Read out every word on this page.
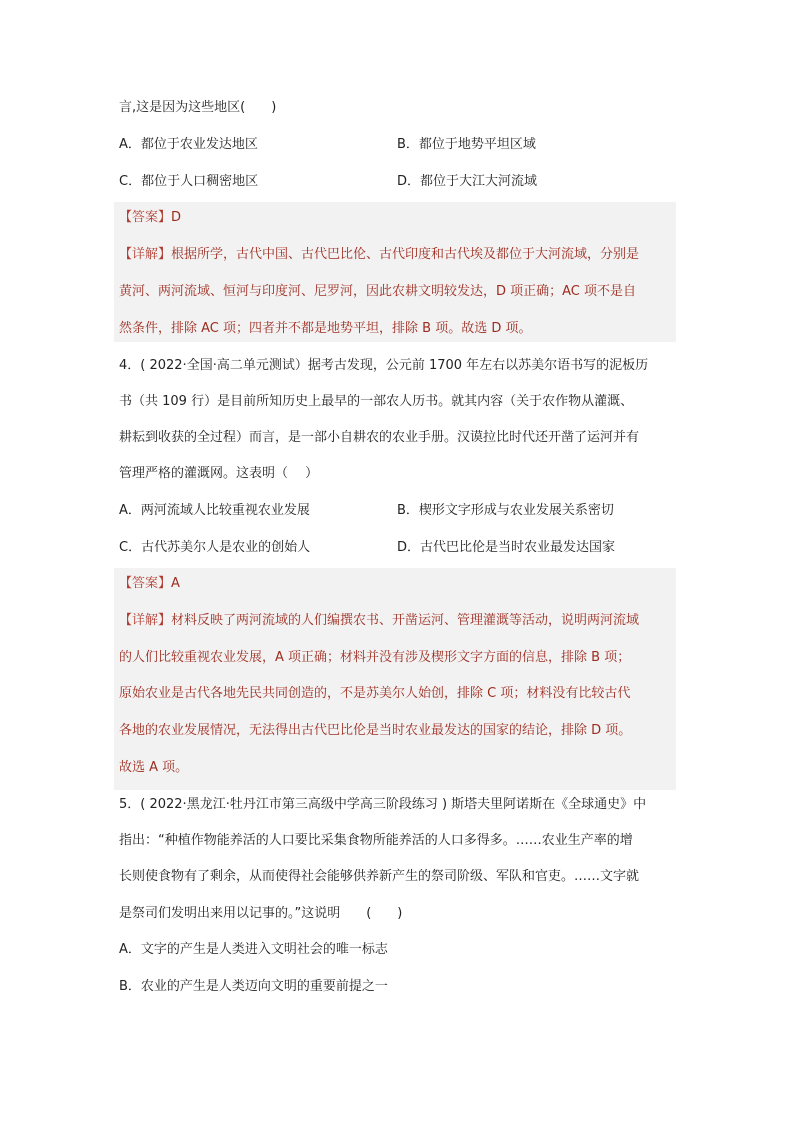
言,这是因为这些地区(　　)
A．都位于农业发达地区	B．都位于地势平坦区域
C．都位于人口稠密地区	D．都位于大江大河流域
【答案】D
【详解】根据所学，古代中国、古代巴比伦、古代印度和古代埃及都位于大河流域，分别是
黄河、两河流域、恒河与印度河、尼罗河，因此农耕文明较发达，D 项正确；AC 项不是自
然条件，排除 AC 项；四者并不都是地势平坦，排除 B 项。故选 D 项。
4．( 2022·全国·高二单元测试）据考古发现，公元前 1700 年左右以苏美尔语书写的泥板历
书（共 109 行）是目前所知历史上最早的一部农人历书。就其内容（关于农作物从灌溉、
耕耘到收获的全过程）而言，是一部小自耕农的农业手册。汉谟拉比时代还开凿了运河并有
管理严格的灌溉网。这表明（　 ）
A．两河流域人比较重视农业发展	B．楔形文字形成与农业发展关系密切
C．古代苏美尔人是农业的创始人	D．古代巴比伦是当时农业最发达国家
【答案】A
【详解】材料反映了两河流域的人们编撰农书、开凿运河、管理灌溉等活动，说明两河流域
的人们比较重视农业发展，A 项正确；材料并没有涉及楔形文字方面的信息，排除 B 项；
原始农业是古代各地先民共同创造的，不是苏美尔人始创，排除 C 项；材料没有比较古代
各地的农业发展情况，无法得出古代巴比伦是当时农业最发达的国家的结论，排除 D 项。
故选 A 项。
5．( 2022·黑龙江·牡丹江市第三高级中学高三阶段练习 ) 斯塔夫里阿诺斯在《全球通史》中
指出：“种植作物能养活的人口要比采集食物所能养活的人口多得多。……农业生产率的增
长则使食物有了剩余，从而使得社会能够供养新产生的祭司阶级、军队和官吏。……文字就
是祭司们发明出来用以记事的。”这说明　　(　　)
A．文字的产生是人类进入文明社会的唯一标志
B．农业的产生是人类迈向文明的重要前提之一
